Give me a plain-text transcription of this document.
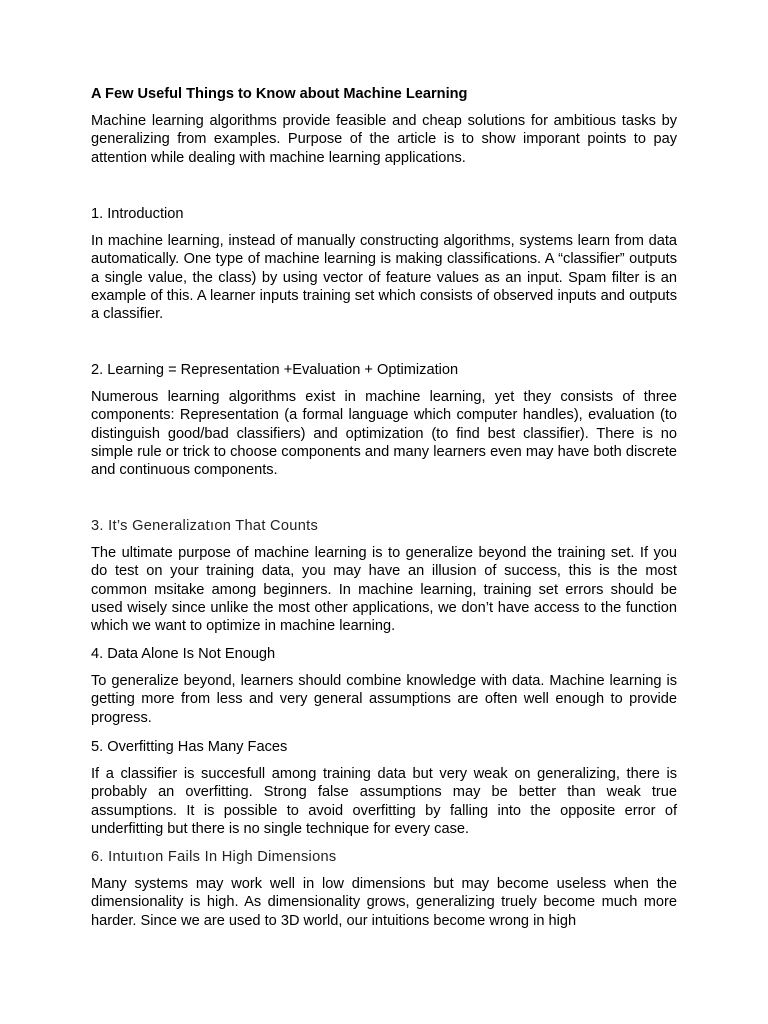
A Few Useful Things to Know about Machine Learning

Machine learning algorithms provide feasible and cheap solutions for ambitious tasks by generalizing from examples. Purpose of the article is to show imporant points to pay attention while dealing with machine learning applications.

1. Introduction

In machine learning, instead of manually constructing algorithms, systems learn from data automatically. One type of machine learning is making classifications. A “classifier” outputs a single value, the class) by using vector of feature values as an input. Spam filter is an example of this. A learner inputs training set which consists of observed inputs and outputs a classifier.

2. Learning = Representation +Evaluation + Optimization

Numerous learning algorithms exist in machine learning, yet they consists of three components: Representation (a formal language which computer handles), evaluation (to distinguish good/bad classifiers) and optimization (to find best classifier). There is no simple rule or trick to choose components and many learners even may have both discrete and continuous components.

3. It’s Generalizatıon That Counts

The ultimate purpose of machine learning is to generalize beyond the training set. If you do test on your training data, you may have an illusion of success, this is the most common msitake among beginners. In machine learning, training set errors should be used wisely since unlike the most other applications, we don’t have access to the function which we want to optimize in machine learning.

4. Data Alone Is Not Enough

To generalize beyond, learners should combine knowledge with data. Machine learning is getting more from less and very general assumptions are often well enough to provide progress.

5. Overfitting Has Many Faces

If a classifier is succesfull among training data but very weak on generalizing, there is probably an overfitting. Strong false assumptions may be better than weak true assumptions. It is possible to avoid overfitting by falling into the opposite error of underfitting but there is no single technique for every case.

6. Intuıtıon Fails In High Dimensions

Many systems may work well in low dimensions but may become useless when the dimensionality is high. As dimensionality grows, generalizing truely become much more harder. Since we are used to 3D world, our intuitions become wrong in high
